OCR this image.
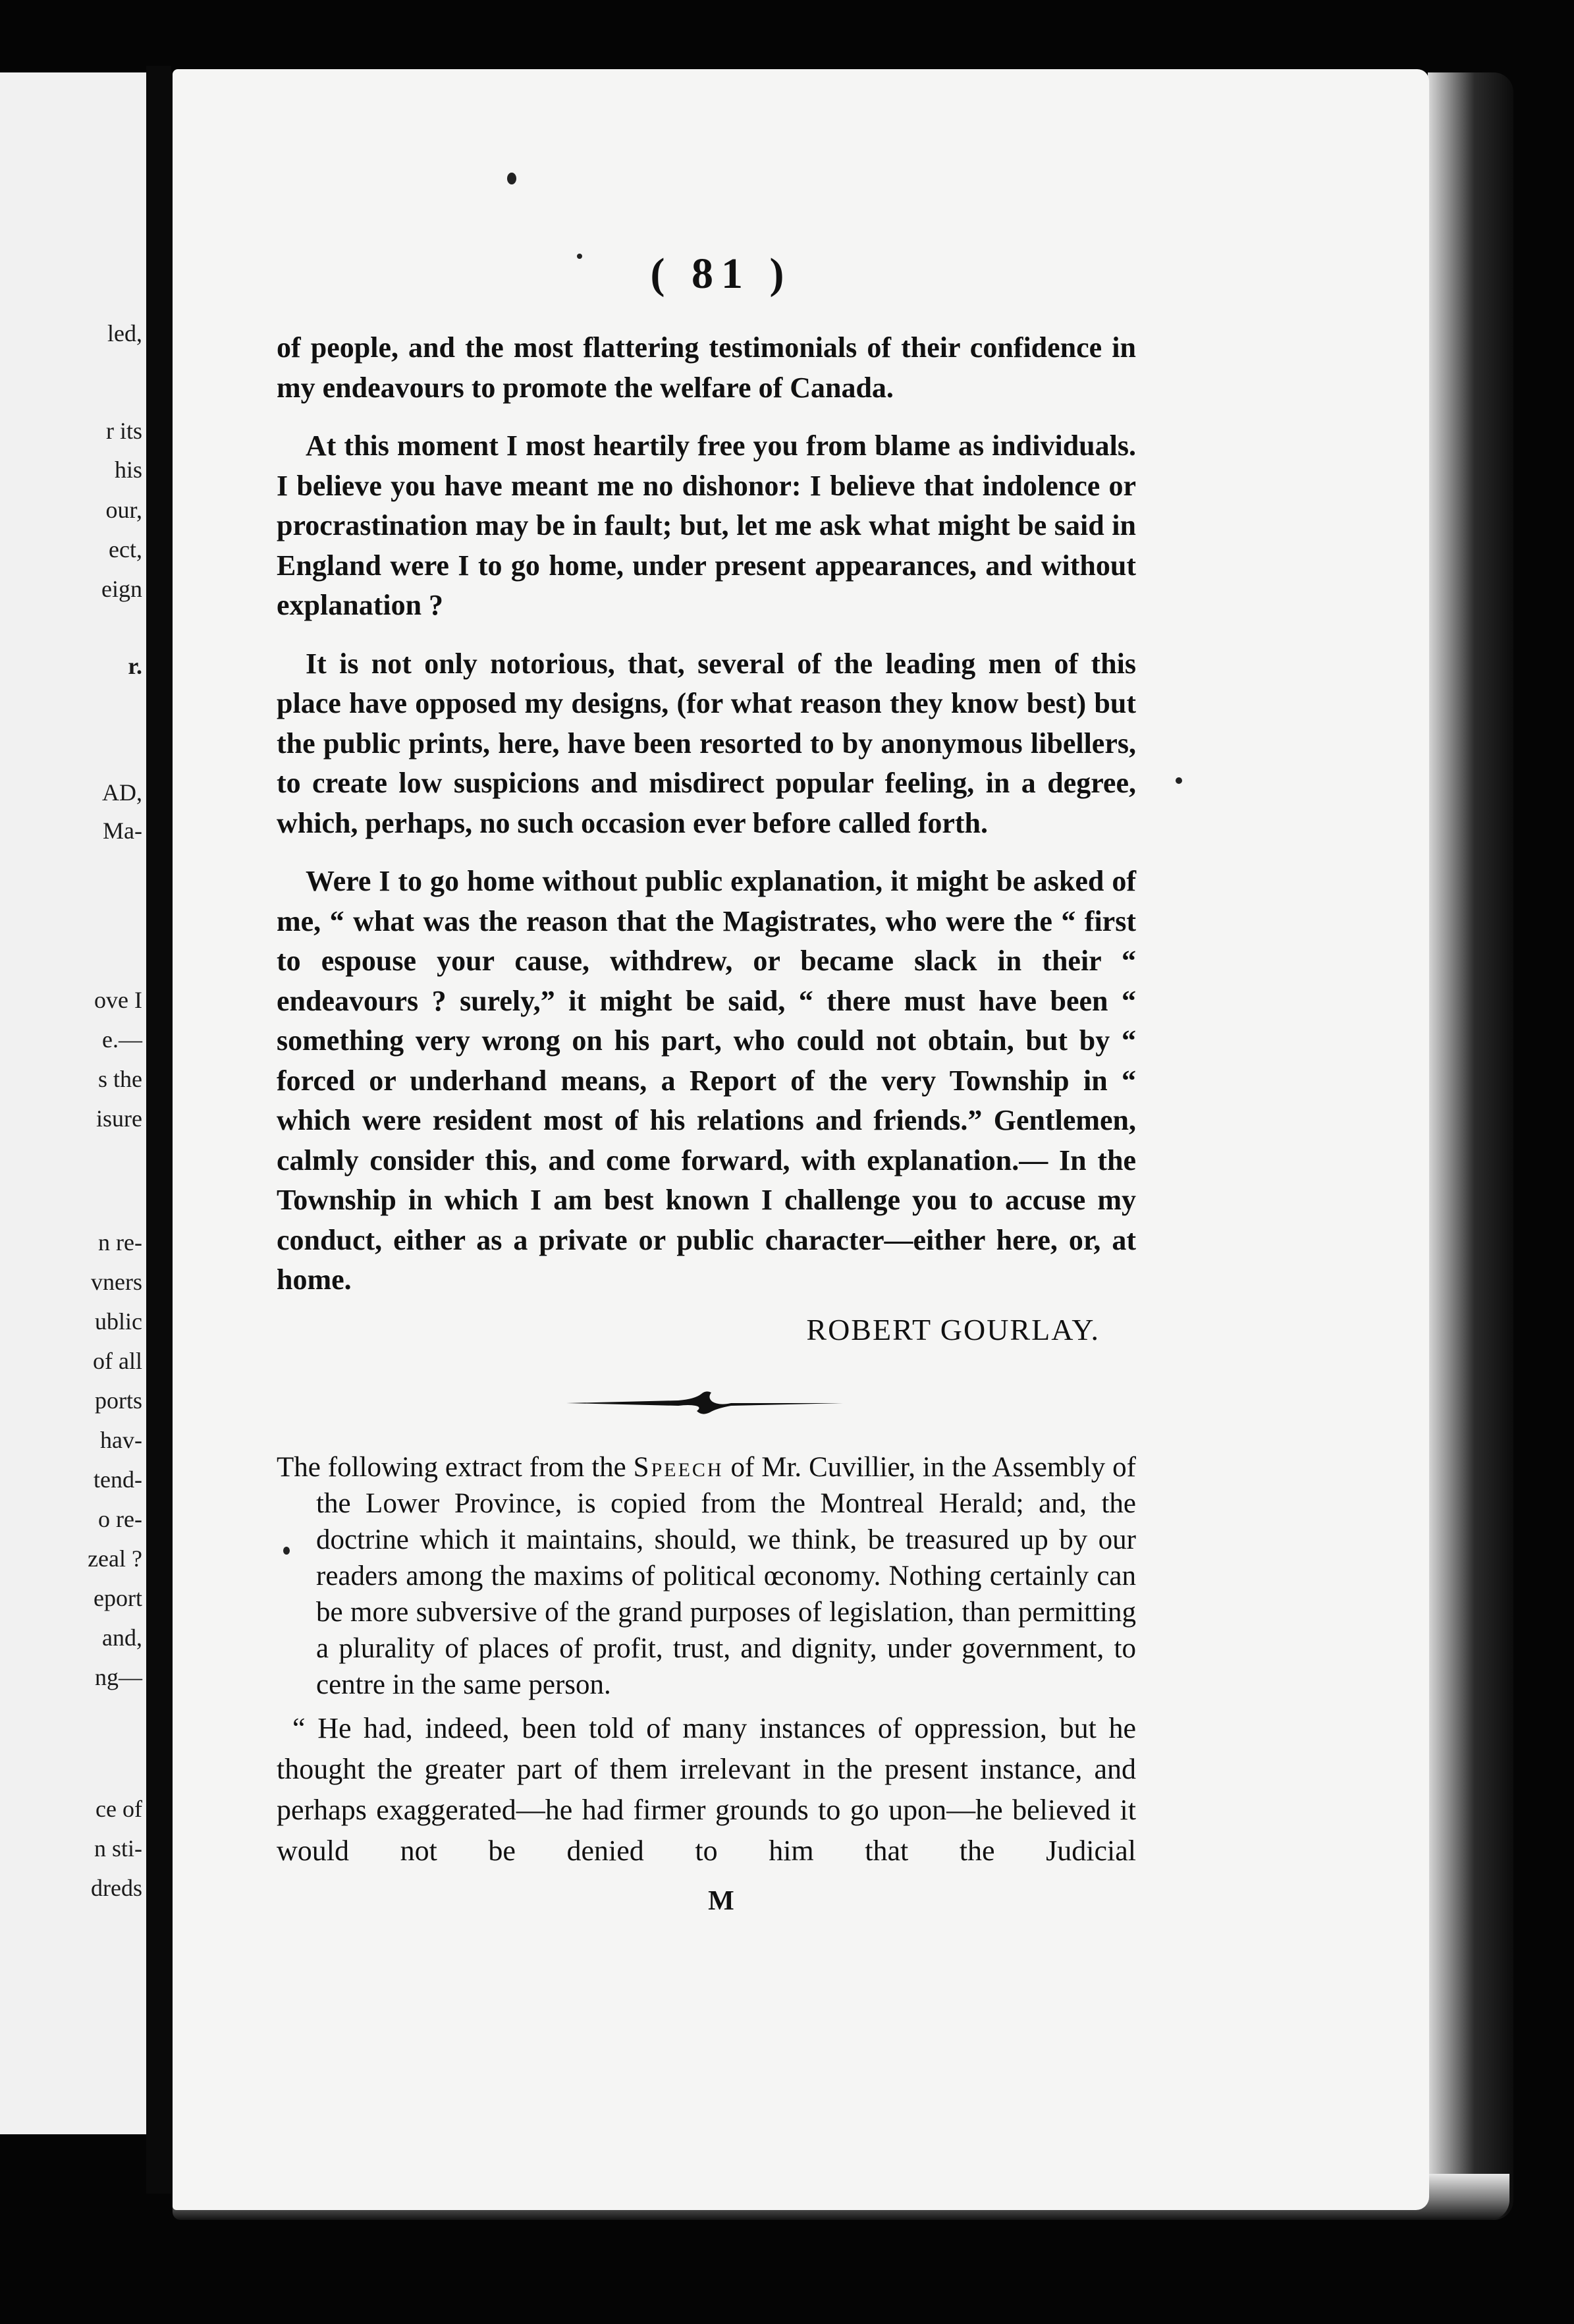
led,
r its
his
our,
ect,
eign
r.
AD,
Ma-
ove I
e.—
s the
isure
n re-
vners
ublic
of all
ports
hav-
tend-
o re-
zeal ?
eport
and,
ng—
ce of
n sti-
dreds
( 81 )

of people, and the most flattering testimonials of their confidence in my endeavours to promote the welfare of Canada.

At this moment I most heartily free you from blame as individuals. I believe you have meant me no dishonor: I believe that indolence or procrastination may be in fault; but, let me ask what might be said in England were I to go home, under present appearances, and without explanation ?

It is not only notorious, that, several of the leading men of this place have opposed my designs, (for what reason they know best) but the public prints, here, have been resorted to by anonymous libellers, to create low suspicions and misdirect popular feeling, in a degree, which, perhaps, no such occasion ever before called forth.

Were I to go home without public explanation, it might be asked of me, “ what was the reason that the Magistrates, who were the “ first to espouse your cause, withdrew, or became slack in their “ endeavours ? surely,” it might be said, “ there must have been “ something very wrong on his part, who could not obtain, but by “ forced or underhand means, a Report of the very Township in “ which were resident most of his relations and friends.” Gentlemen, calmly consider this, and come forward, with explanation.— In the Township in which I am best known I challenge you to accuse my conduct, either as a private or public character—either here, or, at home.

ROBERT GOURLAY.

The following extract from the Speech of Mr. Cuvillier, in the Assembly of the Lower Province, is copied from the Montreal Herald; and, the doctrine which it maintains, should, we think, be treasured up by our readers among the maxims of political œconomy. Nothing certainly can be more subversive of the grand purposes of legislation, than permitting a plurality of places of profit, trust, and dignity, under government, to centre in the same person.

“ He had, indeed, been told of many instances of oppression, but he thought the greater part of them irrelevant in the present instance, and perhaps exaggerated—he had firmer grounds to go upon—he believed it would not be denied to him that the Judicial

M
